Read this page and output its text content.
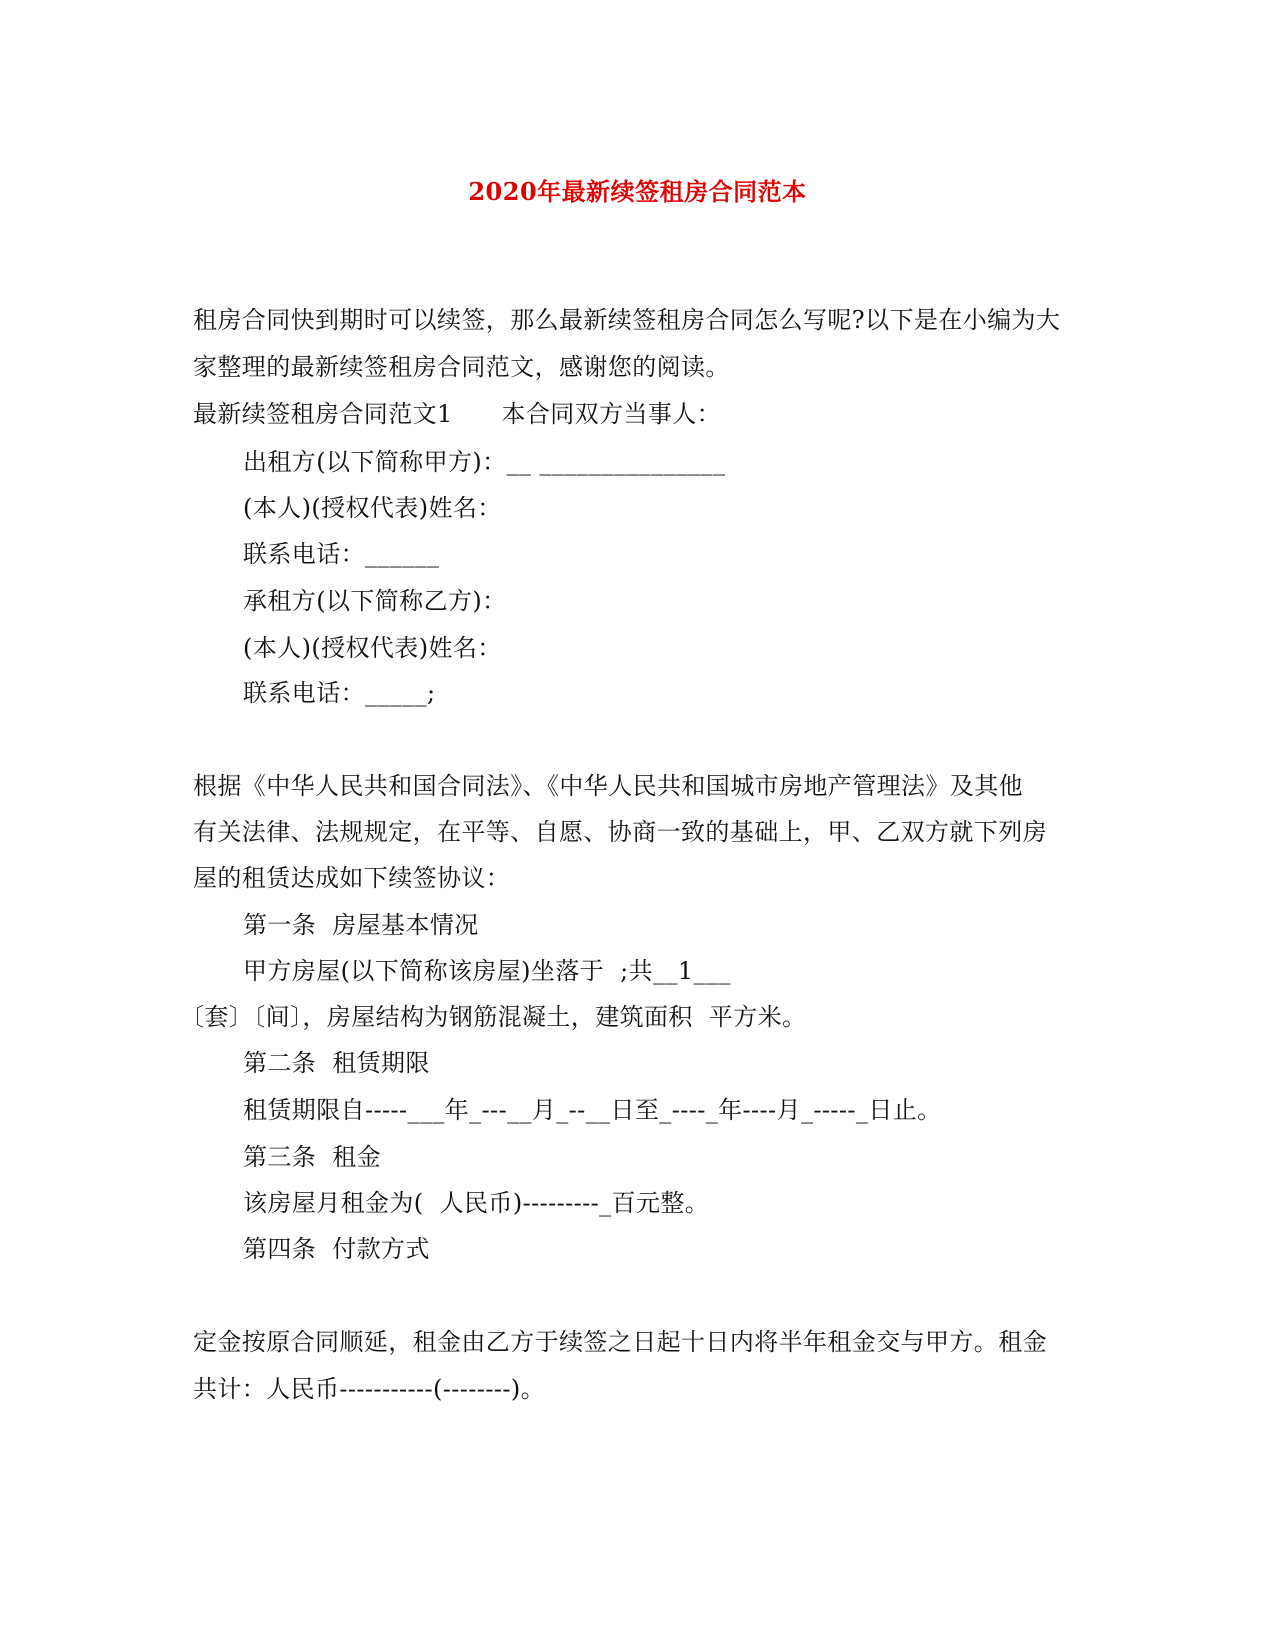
2020年最新续签租房合同范本
租房合同快到期时可以续签，那么最新续签租房合同怎么写呢?以下是在小编为大
家整理的最新续签租房合同范文，感谢您的阅读。
最新续签租房合同范文1　　本合同双方当事人：
出租方(以下简称甲方)：__ _______________
(本人)(授权代表)姓名：
联系电话：______
承租方(以下简称乙方)：
(本人)(授权代表)姓名：
联系电话：_____;
根据《中华人民共和国合同法》、《中华人民共和国城市房地产管理法》及其他
有关法律、法规规定，在平等、自愿、协商一致的基础上，甲、乙双方就下列房
屋的租赁达成如下续签协议：
第一条  房屋基本情况
甲方房屋(以下简称该房屋)坐落于  ;共__1___
〔套〕〔间〕，房屋结构为钢筋混凝土，建筑面积  平方米。
第二条  租赁期限
租赁期限自-----___年_---__月_--__日至_----_年----月_-----_日止。
第三条  租金
该房屋月租金为(  人民币)---------_百元整。
第四条  付款方式
定金按原合同顺延，租金由乙方于续签之日起十日内将半年租金交与甲方。租金
共计：人民币-----------(--------)。
